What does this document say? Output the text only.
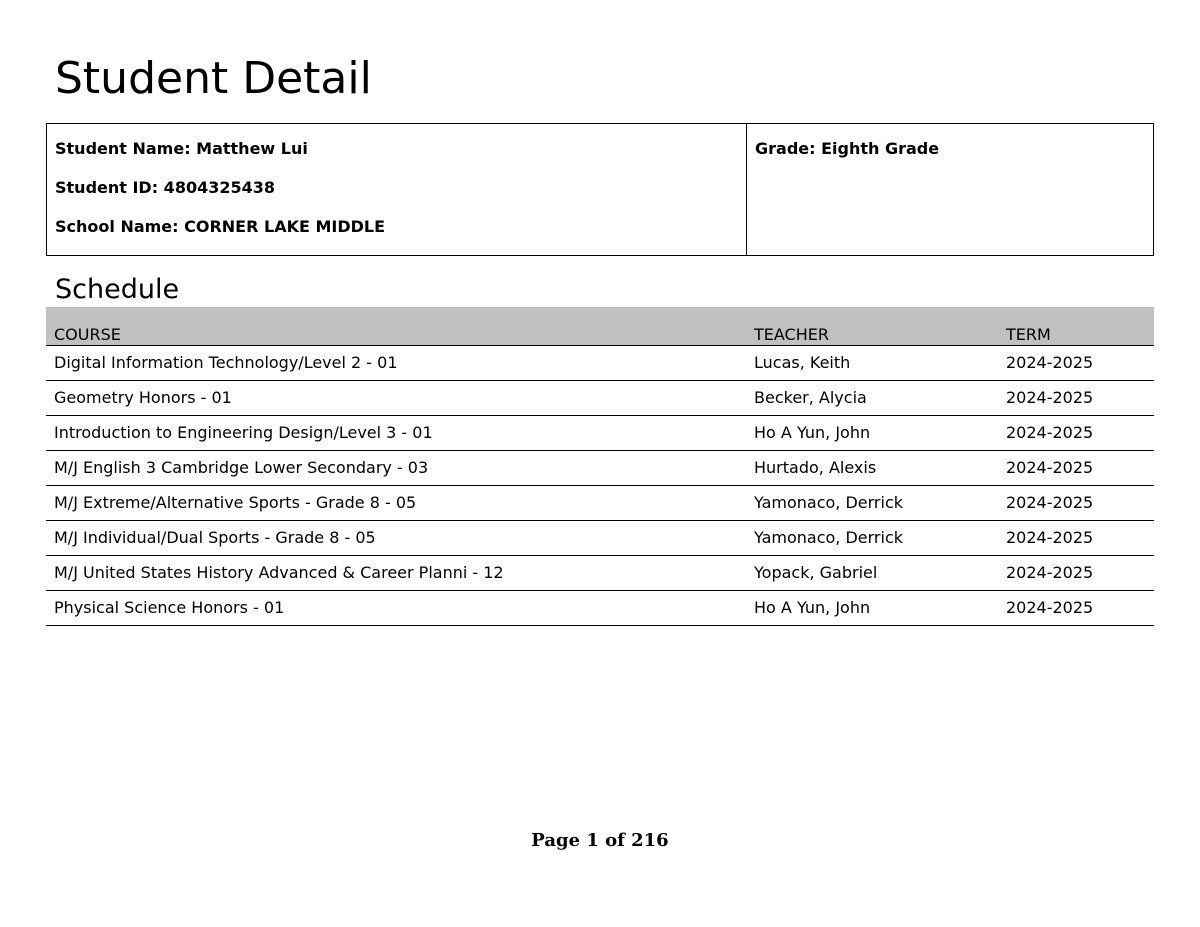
Student Detail
Student Name: Matthew Lui
Student ID: 4804325438
School Name: CORNER LAKE MIDDLE
Grade: Eighth Grade
Schedule
COURSE	TEACHER	TERM
Digital Information Technology/Level 2 - 01	Lucas, Keith	2024-2025
Geometry Honors - 01	Becker, Alycia	2024-2025
Introduction to Engineering Design/Level 3 - 01	Ho A Yun, John	2024-2025
M/J English 3 Cambridge Lower Secondary - 03	Hurtado, Alexis	2024-2025
M/J Extreme/Alternative Sports - Grade 8 - 05	Yamonaco, Derrick	2024-2025
M/J Individual/Dual Sports - Grade 8 - 05	Yamonaco, Derrick	2024-2025
M/J United States History Advanced & Career Planni - 12	Yopack, Gabriel	2024-2025
Physical Science Honors - 01	Ho A Yun, John	2024-2025
Page 1 of 216
